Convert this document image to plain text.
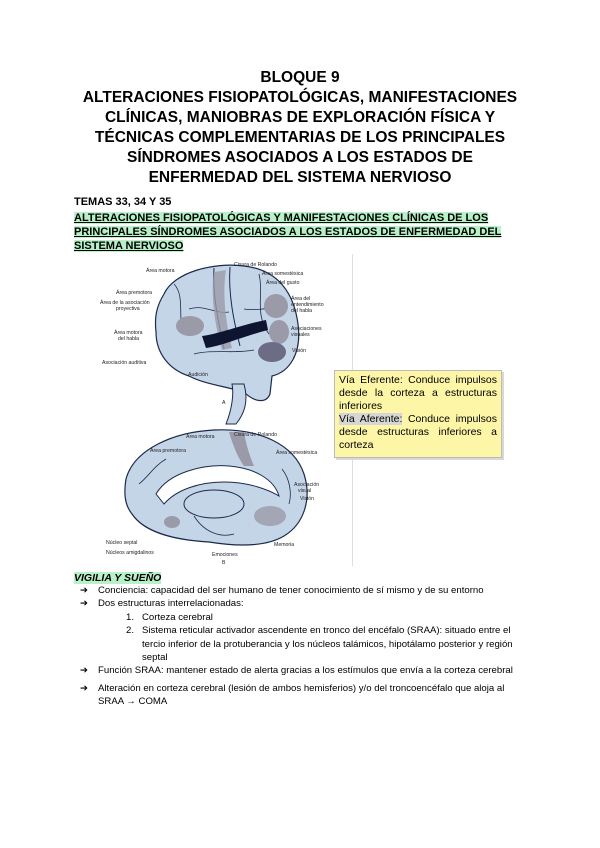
BLOQUE 9
ALTERACIONES FISIOPATOLÓGICAS, MANIFESTACIONES
CLÍNICAS, MANIOBRAS DE EXPLORACIÓN FÍSICA Y
TÉCNICAS COMPLEMENTARIAS DE LOS PRINCIPALES
SÍNDROMES ASOCIADOS A LOS ESTADOS DE
ENFERMEDAD DEL SISTEMA NERVIOSO
TEMAS 33, 34 Y 35
ALTERACIONES FISIOPATOLÓGICAS Y MANIFESTACIONES CLÍNICAS DE LOS
PRINCIPALES SÍNDROMES ASOCIADOS A LOS ESTADOS DE ENFERMEDAD DEL
SISTEMA NERVIOSO
Área motora
Cisura de Rolando
Área somestésica
Área del gusto
Área premotora
Área de la asociación
proyectiva
Área motora
del habla
Asociación auditiva
Audición
Área del
entendimiento
del habla
Asociaciones
visuales
Visión
A
Área motora	Cisura de Rolando
Área premotora	Área somestésica
Asociación
visual
Visión
Núcleo septal
Núcleos amigdalinos	Emociones
Memoria
B
Vía Eferente: Conduce impulsos desde la corteza a estructuras inferiores
Vía Aferente: Conduce impulsos desde estructuras inferiores a corteza
VIGILIA Y SUEÑO
➔ Conciencia: capacidad del ser humano de tener conocimiento de sí mismo y de su entorno
➔ Dos estructuras interrelacionadas:
1. Corteza cerebral
2. Sistema reticular activador ascendente en tronco del encéfalo (SRAA): situado entre el tercio inferior de la protuberancia y los núcleos talámicos, hipotálamo posterior y región septal
➔ Función SRAA: mantener estado de alerta gracias a los estímulos que envía a la corteza cerebral
➔ Alteración en corteza cerebral (lesión de ambos hemisferios) y/o del troncoencéfalo que aloja al SRAA → COMA
